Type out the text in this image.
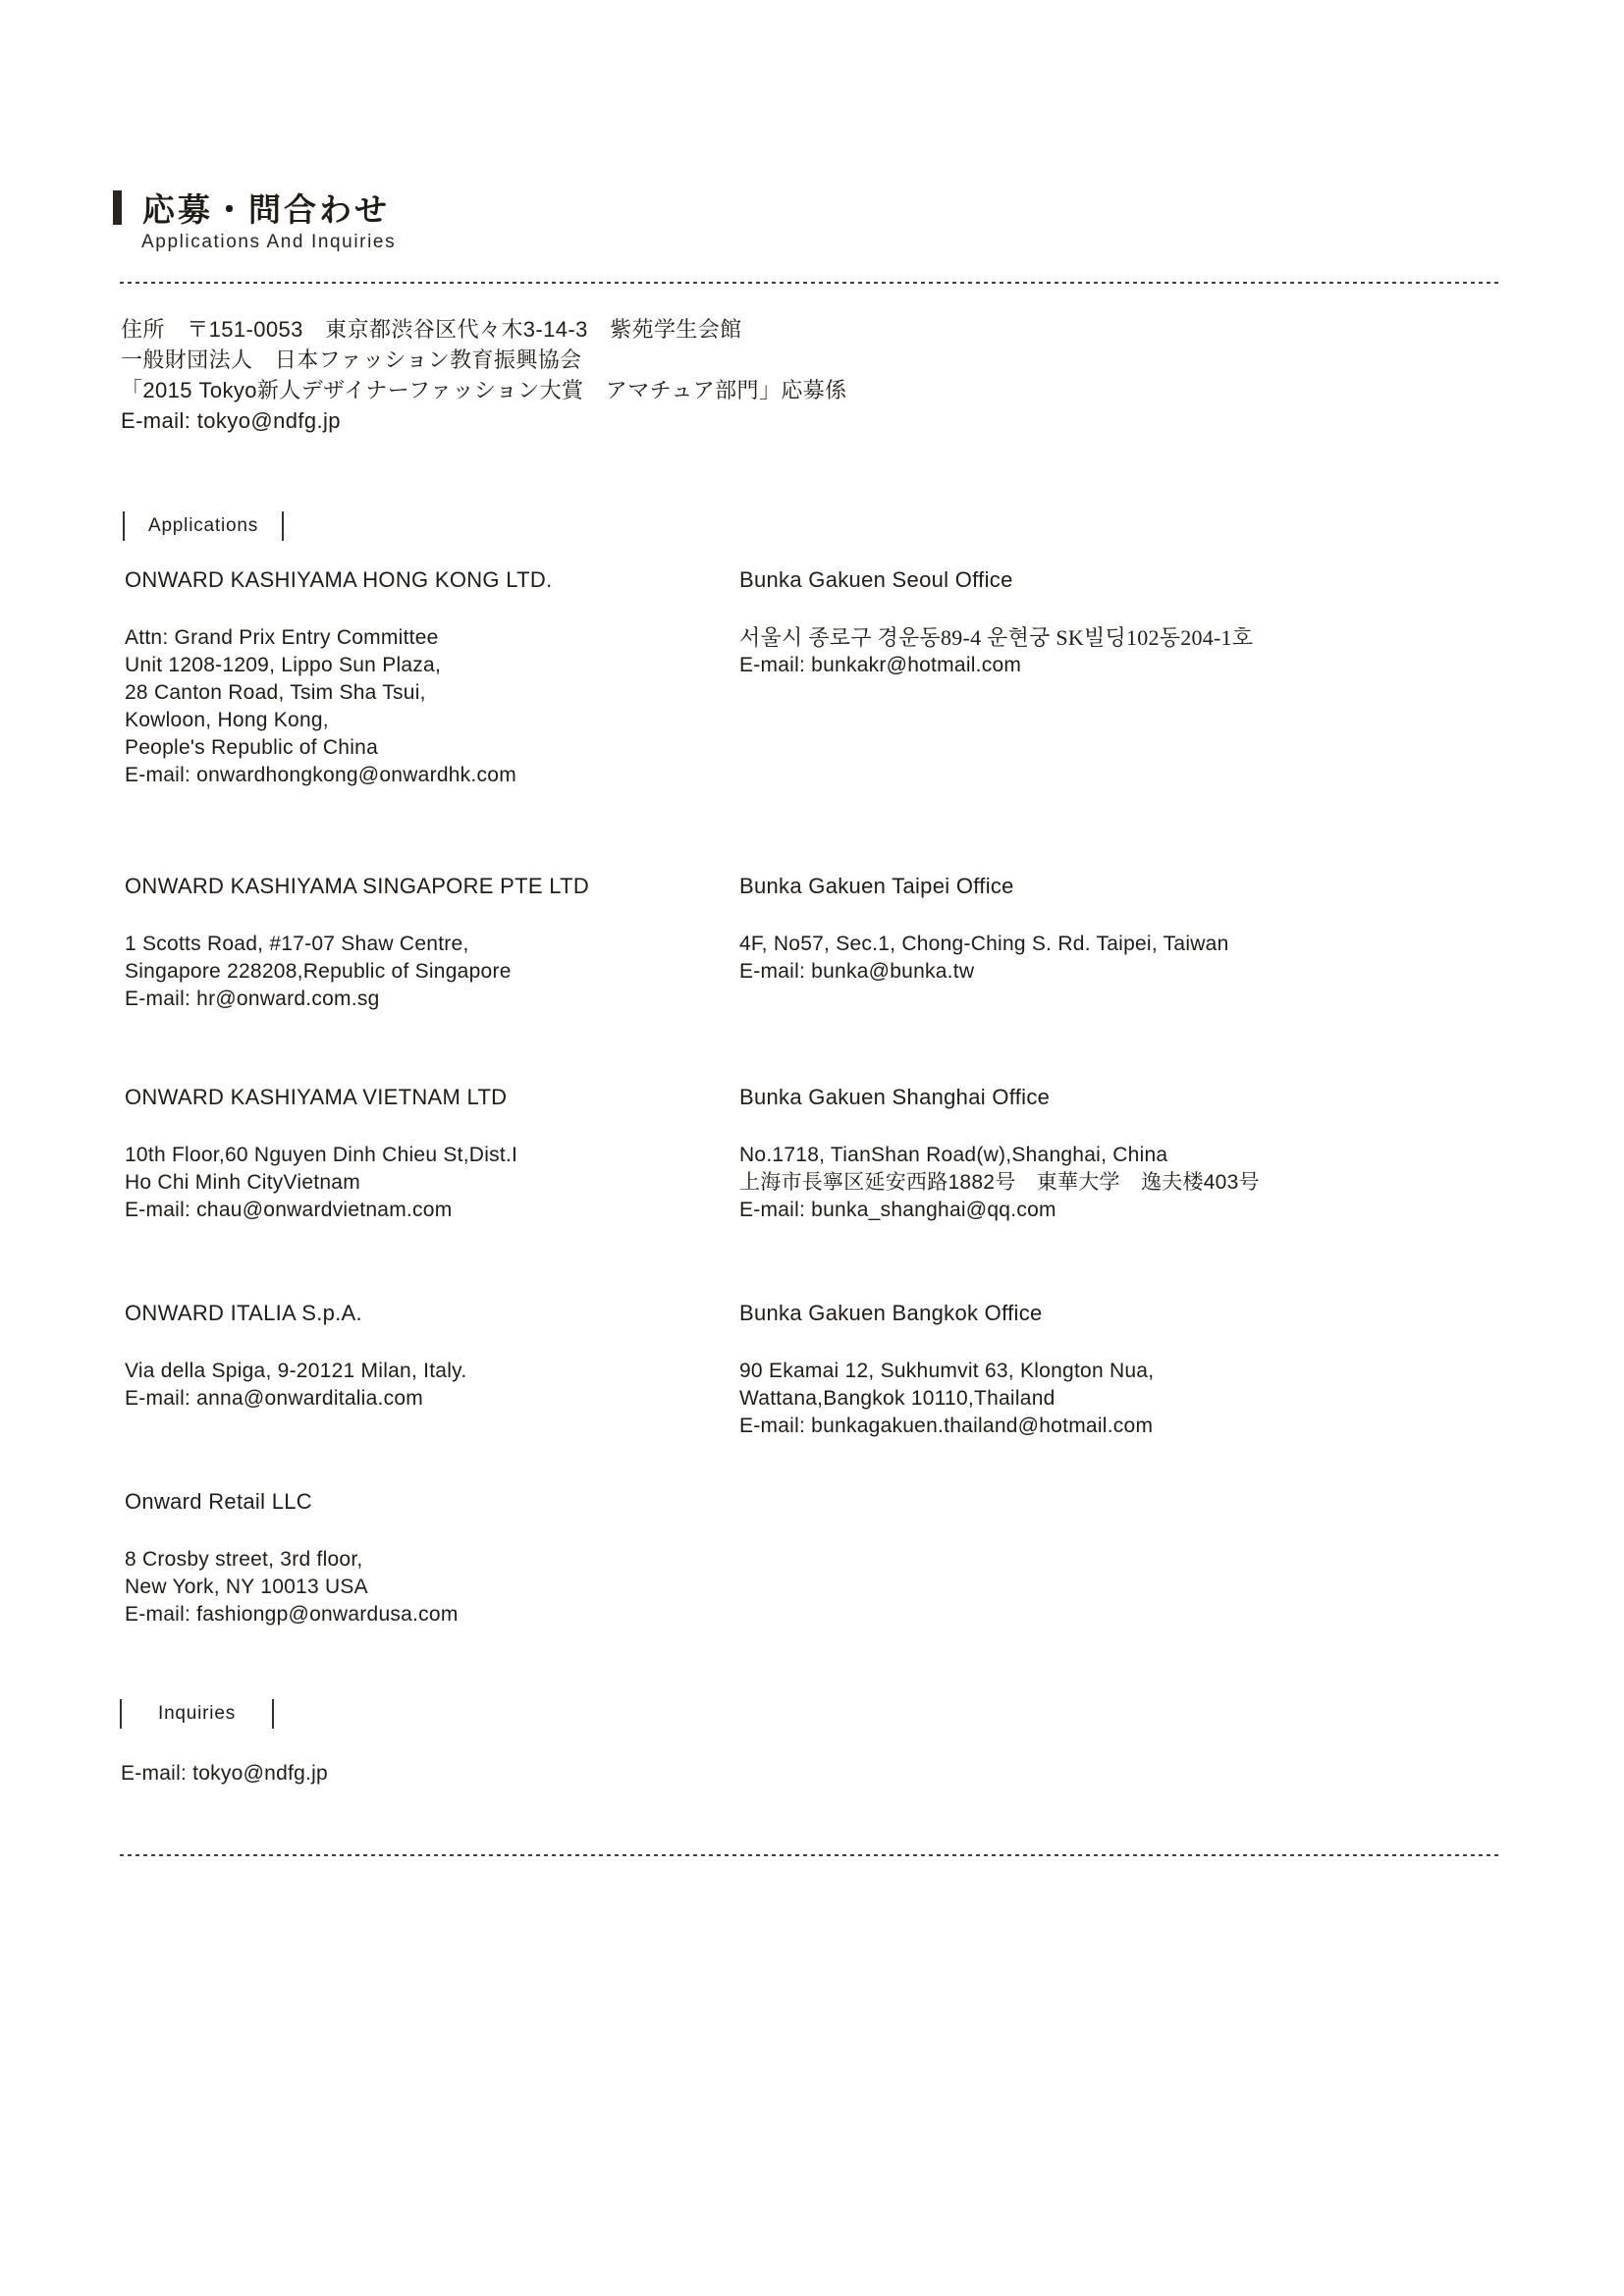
応募・問合わせ
Applications And Inquiries
住所　〒151-0053　東京都渋谷区代々木3-14-3　紫苑学生会館
一般財団法人　日本ファッション教育振興協会
「2015 Tokyo新人デザイナーファッション大賞　アマチュア部門」応募係
E-mail: tokyo@ndfg.jp
Applications
ONWARD KASHIYAMA HONG KONG LTD.
Attn: Grand Prix Entry Committee
Unit 1208-1209, Lippo Sun Plaza,
28 Canton Road, Tsim Sha Tsui,
Kowloon, Hong Kong,
People's Republic of China
E-mail: onwardhongkong@onwardhk.com
Bunka Gakuen Seoul Office
서울시 종로구 경운동89-4 운현궁 SK빌딩102동204-1호
E-mail: bunkakr@hotmail.com
ONWARD KASHIYAMA SINGAPORE PTE LTD
1 Scotts Road, #17-07 Shaw Centre,
Singapore 228208,Republic of Singapore
E-mail: hr@onward.com.sg
Bunka Gakuen Taipei Office
4F, No57, Sec.1, Chong-Ching S. Rd. Taipei, Taiwan
E-mail: bunka@bunka.tw
ONWARD KASHIYAMA VIETNAM LTD
10th Floor,60 Nguyen Dinh Chieu St,Dist.I
Ho Chi Minh CityVietnam
E-mail: chau@onwardvietnam.com
Bunka Gakuen Shanghai Office
No.1718, TianShan Road(w),Shanghai, China
上海市長寧区延安西路1882号　東華大学　逸夫楼403号
E-mail: bunka_shanghai@qq.com
ONWARD ITALIA S.p.A.
Via della Spiga, 9-20121 Milan, Italy.
E-mail: anna@onwarditalia.com
Bunka Gakuen Bangkok Office
90 Ekamai 12, Sukhumvit 63, Klongton Nua,
Wattana,Bangkok 10110,Thailand
E-mail: bunkagakuen.thailand@hotmail.com
Onward Retail LLC
8 Crosby street, 3rd floor,
New York, NY 10013 USA
E-mail: fashiongp@onwardusa.com
Inquiries
E-mail: tokyo@ndfg.jp
